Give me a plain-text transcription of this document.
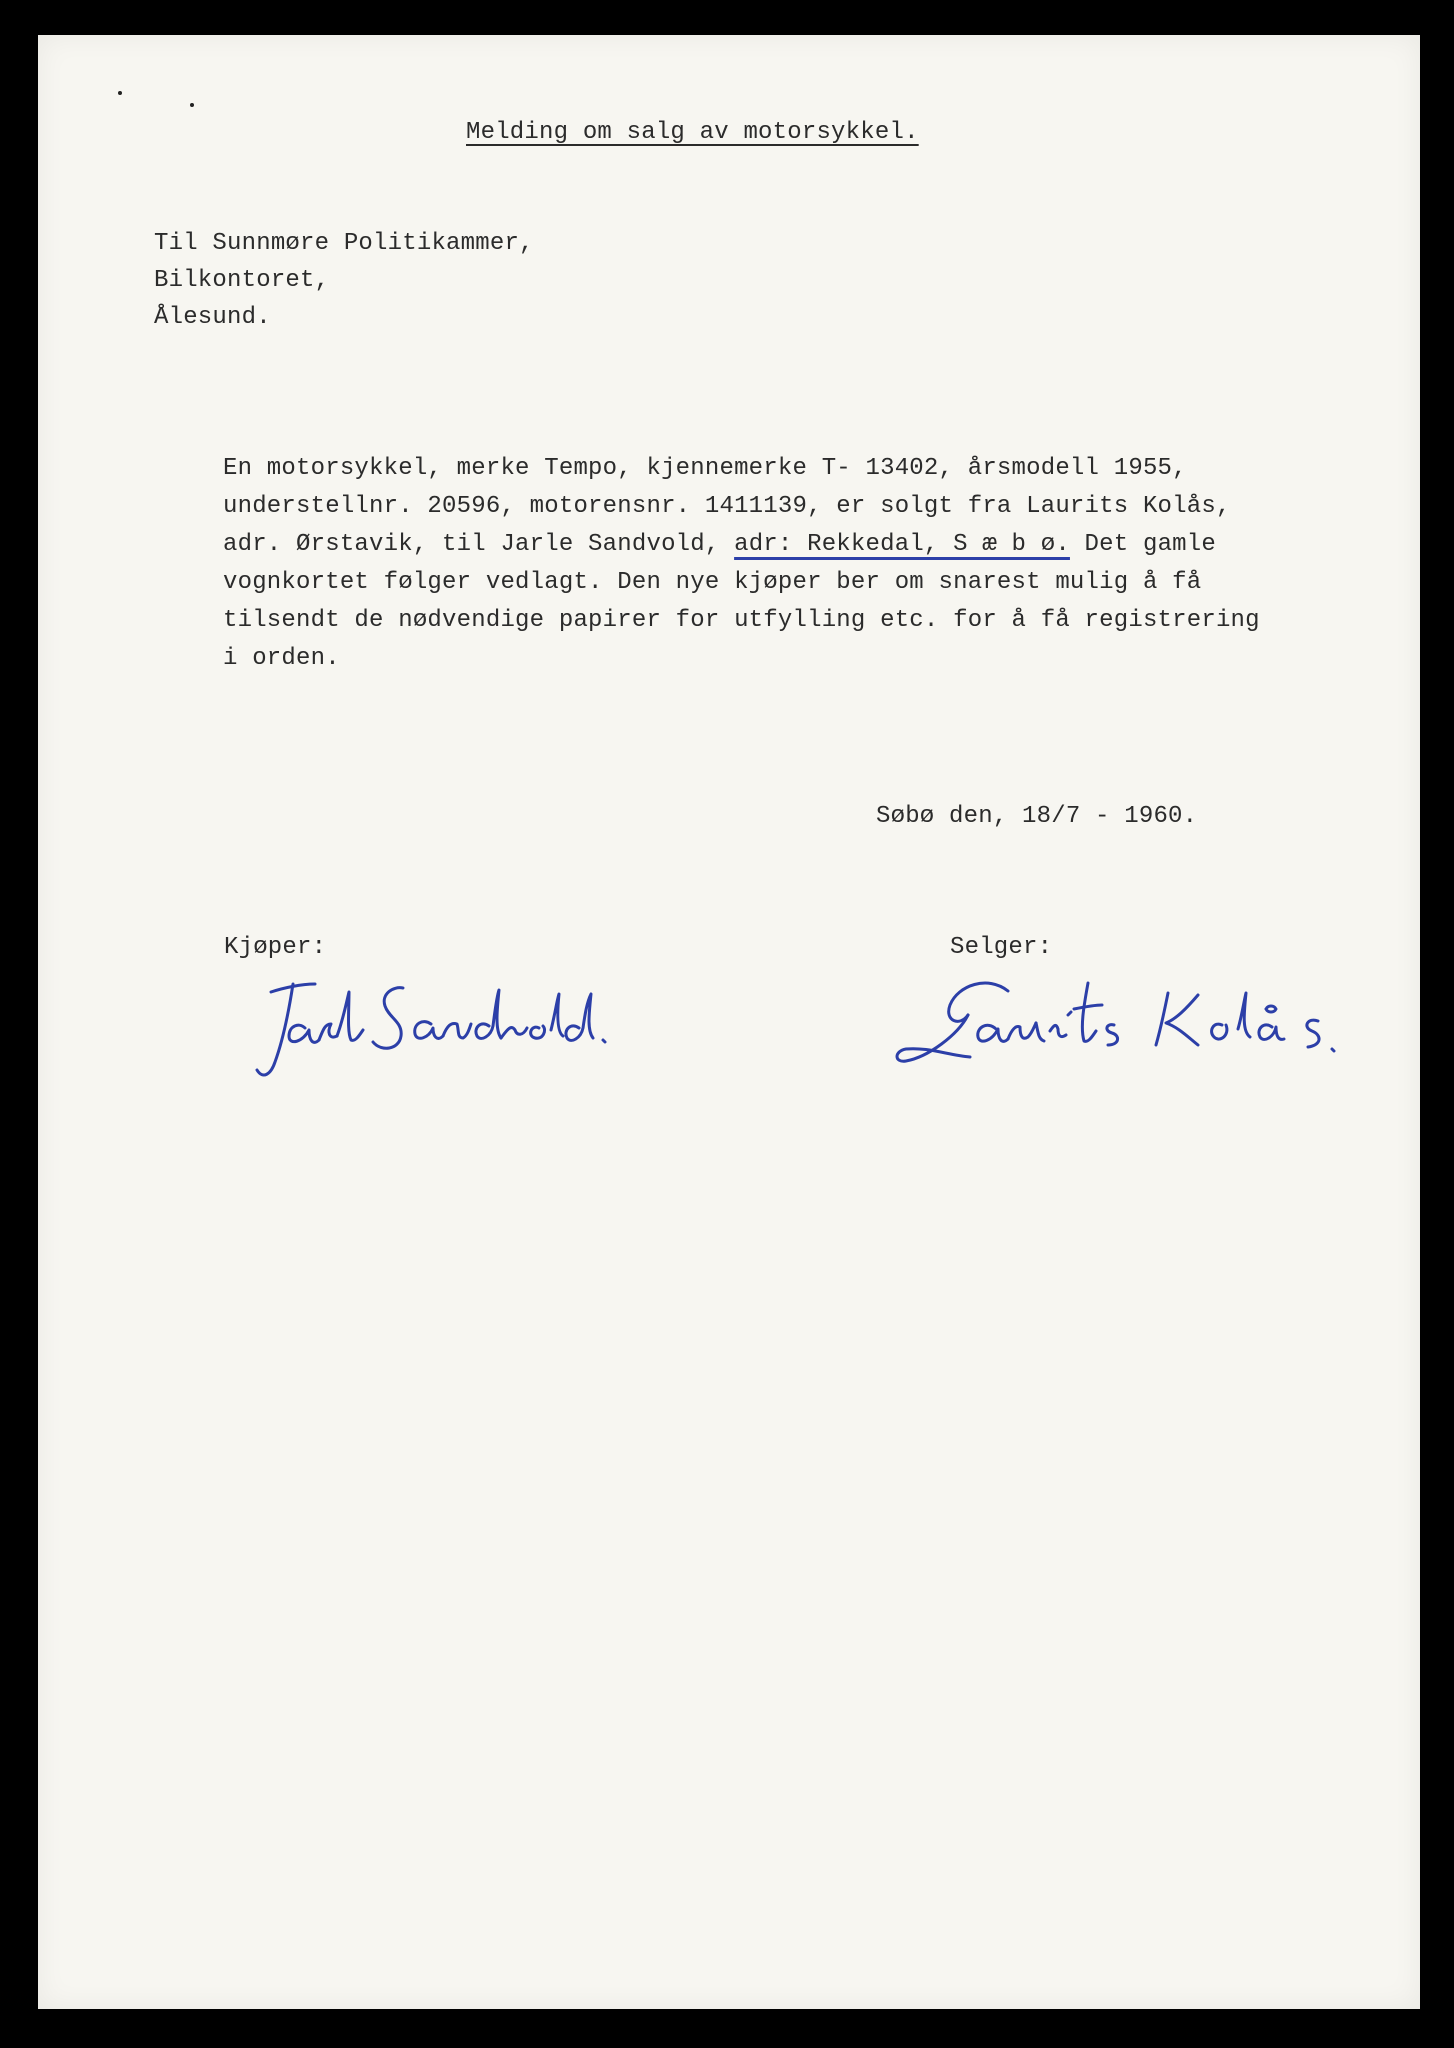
Melding om salg av motorsykkel.
Til Sunnmøre Politikammer,
Bilkontoret,
Ålesund.
En motorsykkel, merke Tempo, kjennemerke T- 13402, årsmodell 1955,
understellnr. 20596, motorensnr. 1411139, er solgt fra Laurits Kolås,
adr. Ørstavik, til Jarle Sandvold, adr: Rekkedal, S æ b ø. Det gamle
vognkortet følger vedlagt. Den nye kjøper ber om snarest mulig å få
tilsendt de nødvendige papirer for utfylling etc. for å få registrering
i orden.
Søbø den, 18/7 - 1960.
Kjøper:	Selger:
